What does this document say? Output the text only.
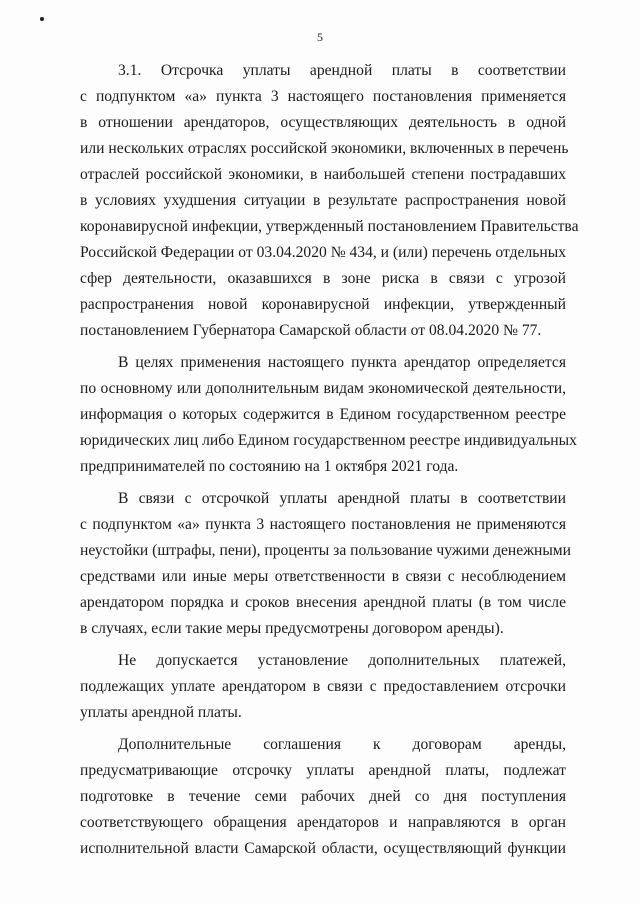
5
3.1. Отсрочка уплаты арендной платы в соответствии
с подпунктом «а» пункта 3 настоящего постановления применяется
в отношении арендаторов, осуществляющих деятельность в одной
или нескольких отраслях российской экономики, включенных в перечень
отраслей российской экономики, в наибольшей степени пострадавших
в условиях ухудшения ситуации в результате распространения новой
коронавирусной инфекции, утвержденный постановлением Правительства
Российской Федерации от 03.04.2020 № 434, и (или) перечень отдельных
сфер деятельности, оказавшихся в зоне риска в связи с угрозой
распространения новой коронавирусной инфекции, утвержденный
постановлением Губернатора Самарской области от 08.04.2020 № 77.
В целях применения настоящего пункта арендатор определяется
по основному или дополнительным видам экономической деятельности,
информация о которых содержится в Едином государственном реестре
юридических лиц либо Едином государственном реестре индивидуальных
предпринимателей по состоянию на 1 октября 2021 года.
В связи с отсрочкой уплаты арендной платы в соответствии
с подпунктом «а» пункта 3 настоящего постановления не применяются
неустойки (штрафы, пени), проценты за пользование чужими денежными
средствами или иные меры ответственности в связи с несоблюдением
арендатором порядка и сроков внесения арендной платы (в том числе
в случаях, если такие меры предусмотрены договором аренды).
Не допускается установление дополнительных платежей,
подлежащих уплате арендатором в связи с предоставлением отсрочки
уплаты арендной платы.
Дополнительные соглашения к договорам аренды,
предусматривающие отсрочку уплаты арендной платы, подлежат
подготовке в течение семи рабочих дней со дня поступления
соответствующего обращения арендаторов и направляются в орган
исполнительной власти Самарской области, осуществляющий функции
